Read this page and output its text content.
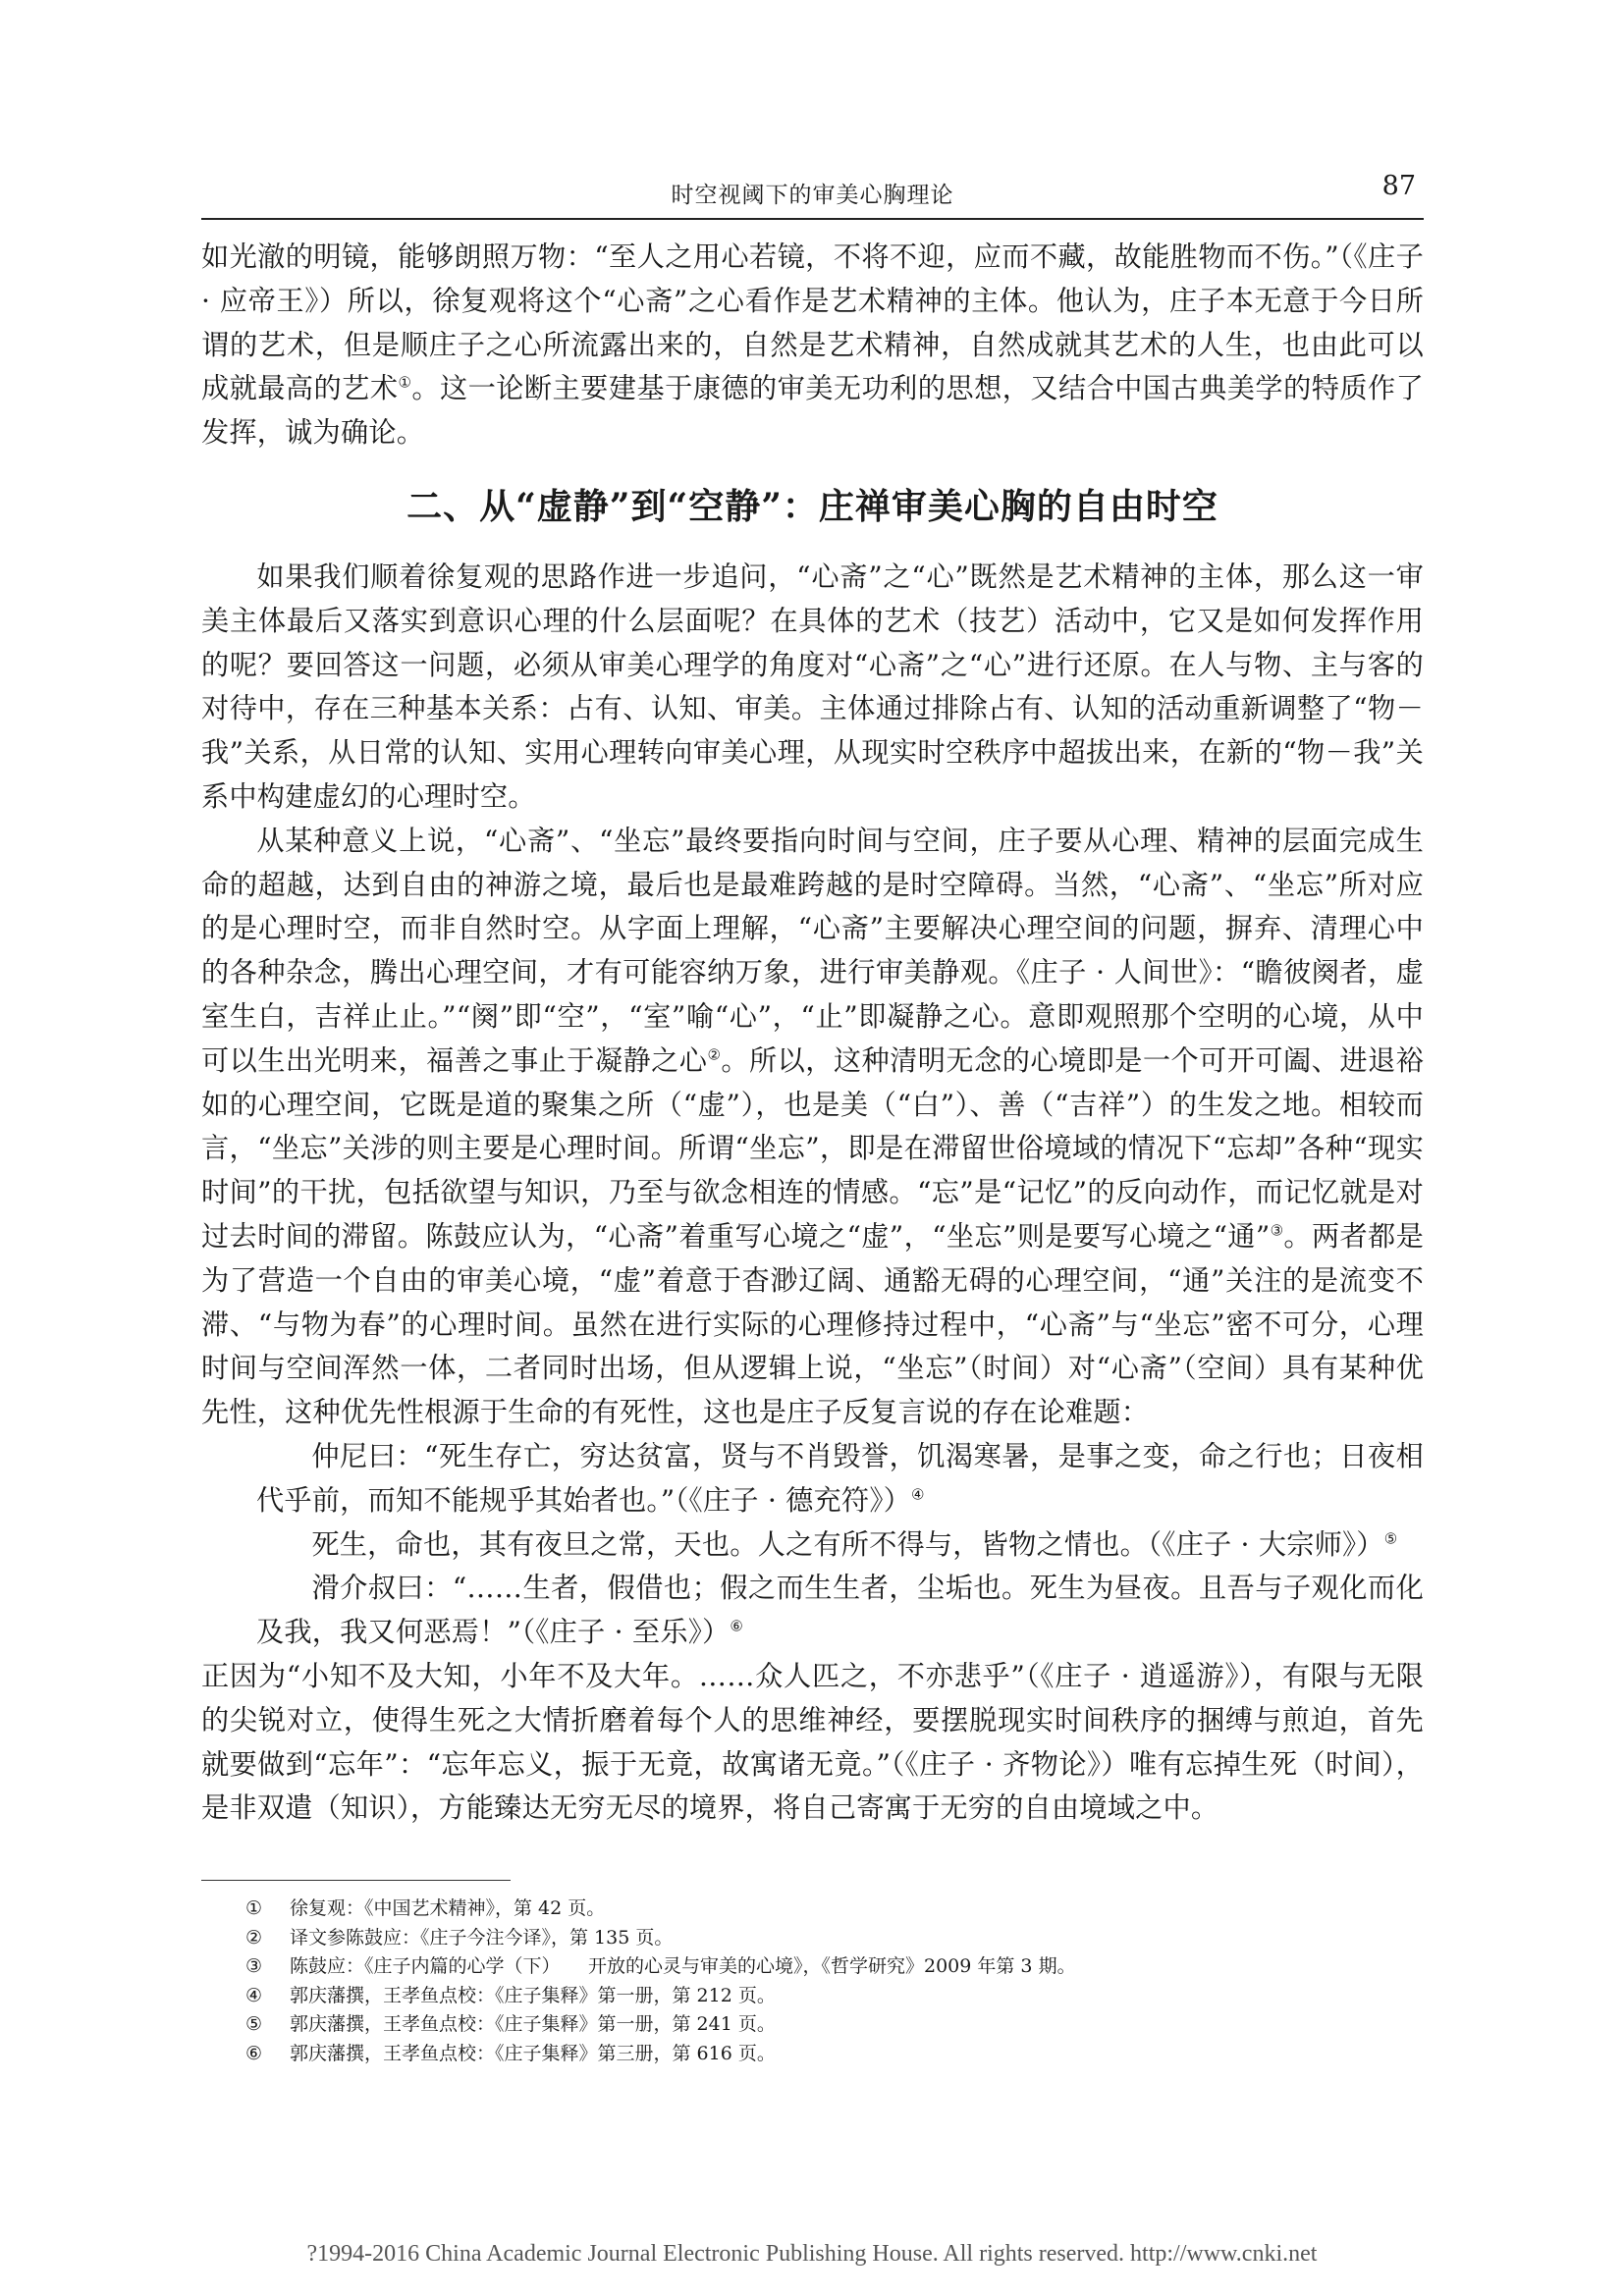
时空视阈下的审美心胸理论	87

如光澈的明镜，能够朗照万物：“至人之用心若镜，不将不迎，应而不藏，故能胜物而不伤。”（《庄子 · 应帝王》）所以，徐复观将这个“心斋”之心看作是艺术精神的主体。他认为，庄子本无意于今日所谓的艺术，但是顺庄子之心所流露出来的，自然是艺术精神，自然成就其艺术的人生，也由此可以成就最高的艺术①。这一论断主要建基于康德的审美无功利的思想，又结合中国古典美学的特质作了发挥，诚为确论。

二、从“虚静”到“空静”：庄禅审美心胸的自由时空

如果我们顺着徐复观的思路作进一步追问，“心斋”之“心”既然是艺术精神的主体，那么这一审美主体最后又落实到意识心理的什么层面呢？在具体的艺术（技艺）活动中，它又是如何发挥作用的呢？要回答这一问题，必须从审美心理学的角度对“心斋”之“心”进行还原。在人与物、主与客的对待中，存在三种基本关系：占有、认知、审美。主体通过排除占有、认知的活动重新调整了“物－我”关系，从日常的认知、实用心理转向审美心理，从现实时空秩序中超拔出来，在新的“物－我”关系中构建虚幻的心理时空。

从某种意义上说，“心斋”、“坐忘”最终要指向时间与空间，庄子要从心理、精神的层面完成生命的超越，达到自由的神游之境，最后也是最难跨越的是时空障碍。当然，“心斋”、“坐忘”所对应的是心理时空，而非自然时空。从字面上理解，“心斋”主要解决心理空间的问题，摒弃、清理心中的各种杂念，腾出心理空间，才有可能容纳万象，进行审美静观。《庄子 · 人间世》：“瞻彼阕者，虚室生白，吉祥止止。”“阕”即“空”，“室”喻“心”，“止”即凝静之心。意即观照那个空明的心境，从中可以生出光明来，福善之事止于凝静之心②。所以，这种清明无念的心境即是一个可开可阖、进退裕如的心理空间，它既是道的聚集之所（“虚”），也是美（“白”）、善（“吉祥”）的生发之地。相较而言，“坐忘”关涉的则主要是心理时间。所谓“坐忘”，即是在滞留世俗境域的情况下“忘却”各种“现实时间”的干扰，包括欲望与知识，乃至与欲念相连的情感。“忘”是“记忆”的反向动作，而记忆就是对过去时间的滞留。陈鼓应认为，“心斋”着重写心境之“虚”，“坐忘”则是要写心境之“通”③。两者都是为了营造一个自由的审美心境，“虚”着意于杳渺辽阔、通豁无碍的心理空间，“通”关注的是流变不滞、“与物为春”的心理时间。虽然在进行实际的心理修持过程中，“心斋”与“坐忘”密不可分，心理时间与空间浑然一体，二者同时出场，但从逻辑上说，“坐忘”（时间）对“心斋”（空间）具有某种优先性，这种优先性根源于生命的有死性，这也是庄子反复言说的存在论难题：

仲尼曰：“死生存亡，穷达贫富，贤与不肖毁誉，饥渴寒暑，是事之变，命之行也；日夜相代乎前，而知不能规乎其始者也。”（《庄子 · 德充符》）④

死生，命也，其有夜旦之常，天也。人之有所不得与，皆物之情也。（《庄子 · 大宗师》）⑤

滑介叔曰：“……生者，假借也；假之而生生者，尘垢也。死生为昼夜。且吾与子观化而化及我，我又何恶焉！”（《庄子 · 至乐》）⑥

正因为“小知不及大知，小年不及大年。……众人匹之，不亦悲乎”（《庄子 · 逍遥游》），有限与无限的尖锐对立，使得生死之大情折磨着每个人的思维神经，要摆脱现实时间秩序的捆缚与煎迫，首先就要做到“忘年”：“忘年忘义，振于无竟，故寓诸无竟。”（《庄子 · 齐物论》）唯有忘掉生死（时间），是非双遣（知识），方能臻达无穷无尽的境界，将自己寄寓于无穷的自由境域之中。

①	徐复观：《中国艺术精神》，第 42 页。
②	译文参陈鼓应：《庄子今注今译》，第 135 页。
③	陈鼓应：《庄子内篇的心学（下）　　开放的心灵与审美的心境》，《哲学研究》2009 年第 3 期。
④	郭庆藩撰，王孝鱼点校：《庄子集释》第一册，第 212 页。
⑤	郭庆藩撰，王孝鱼点校：《庄子集释》第一册，第 241 页。
⑥	郭庆藩撰，王孝鱼点校：《庄子集释》第三册，第 616 页。
?1994-2016 China Academic Journal Electronic Publishing House. All rights reserved. http://www.cnki.net
